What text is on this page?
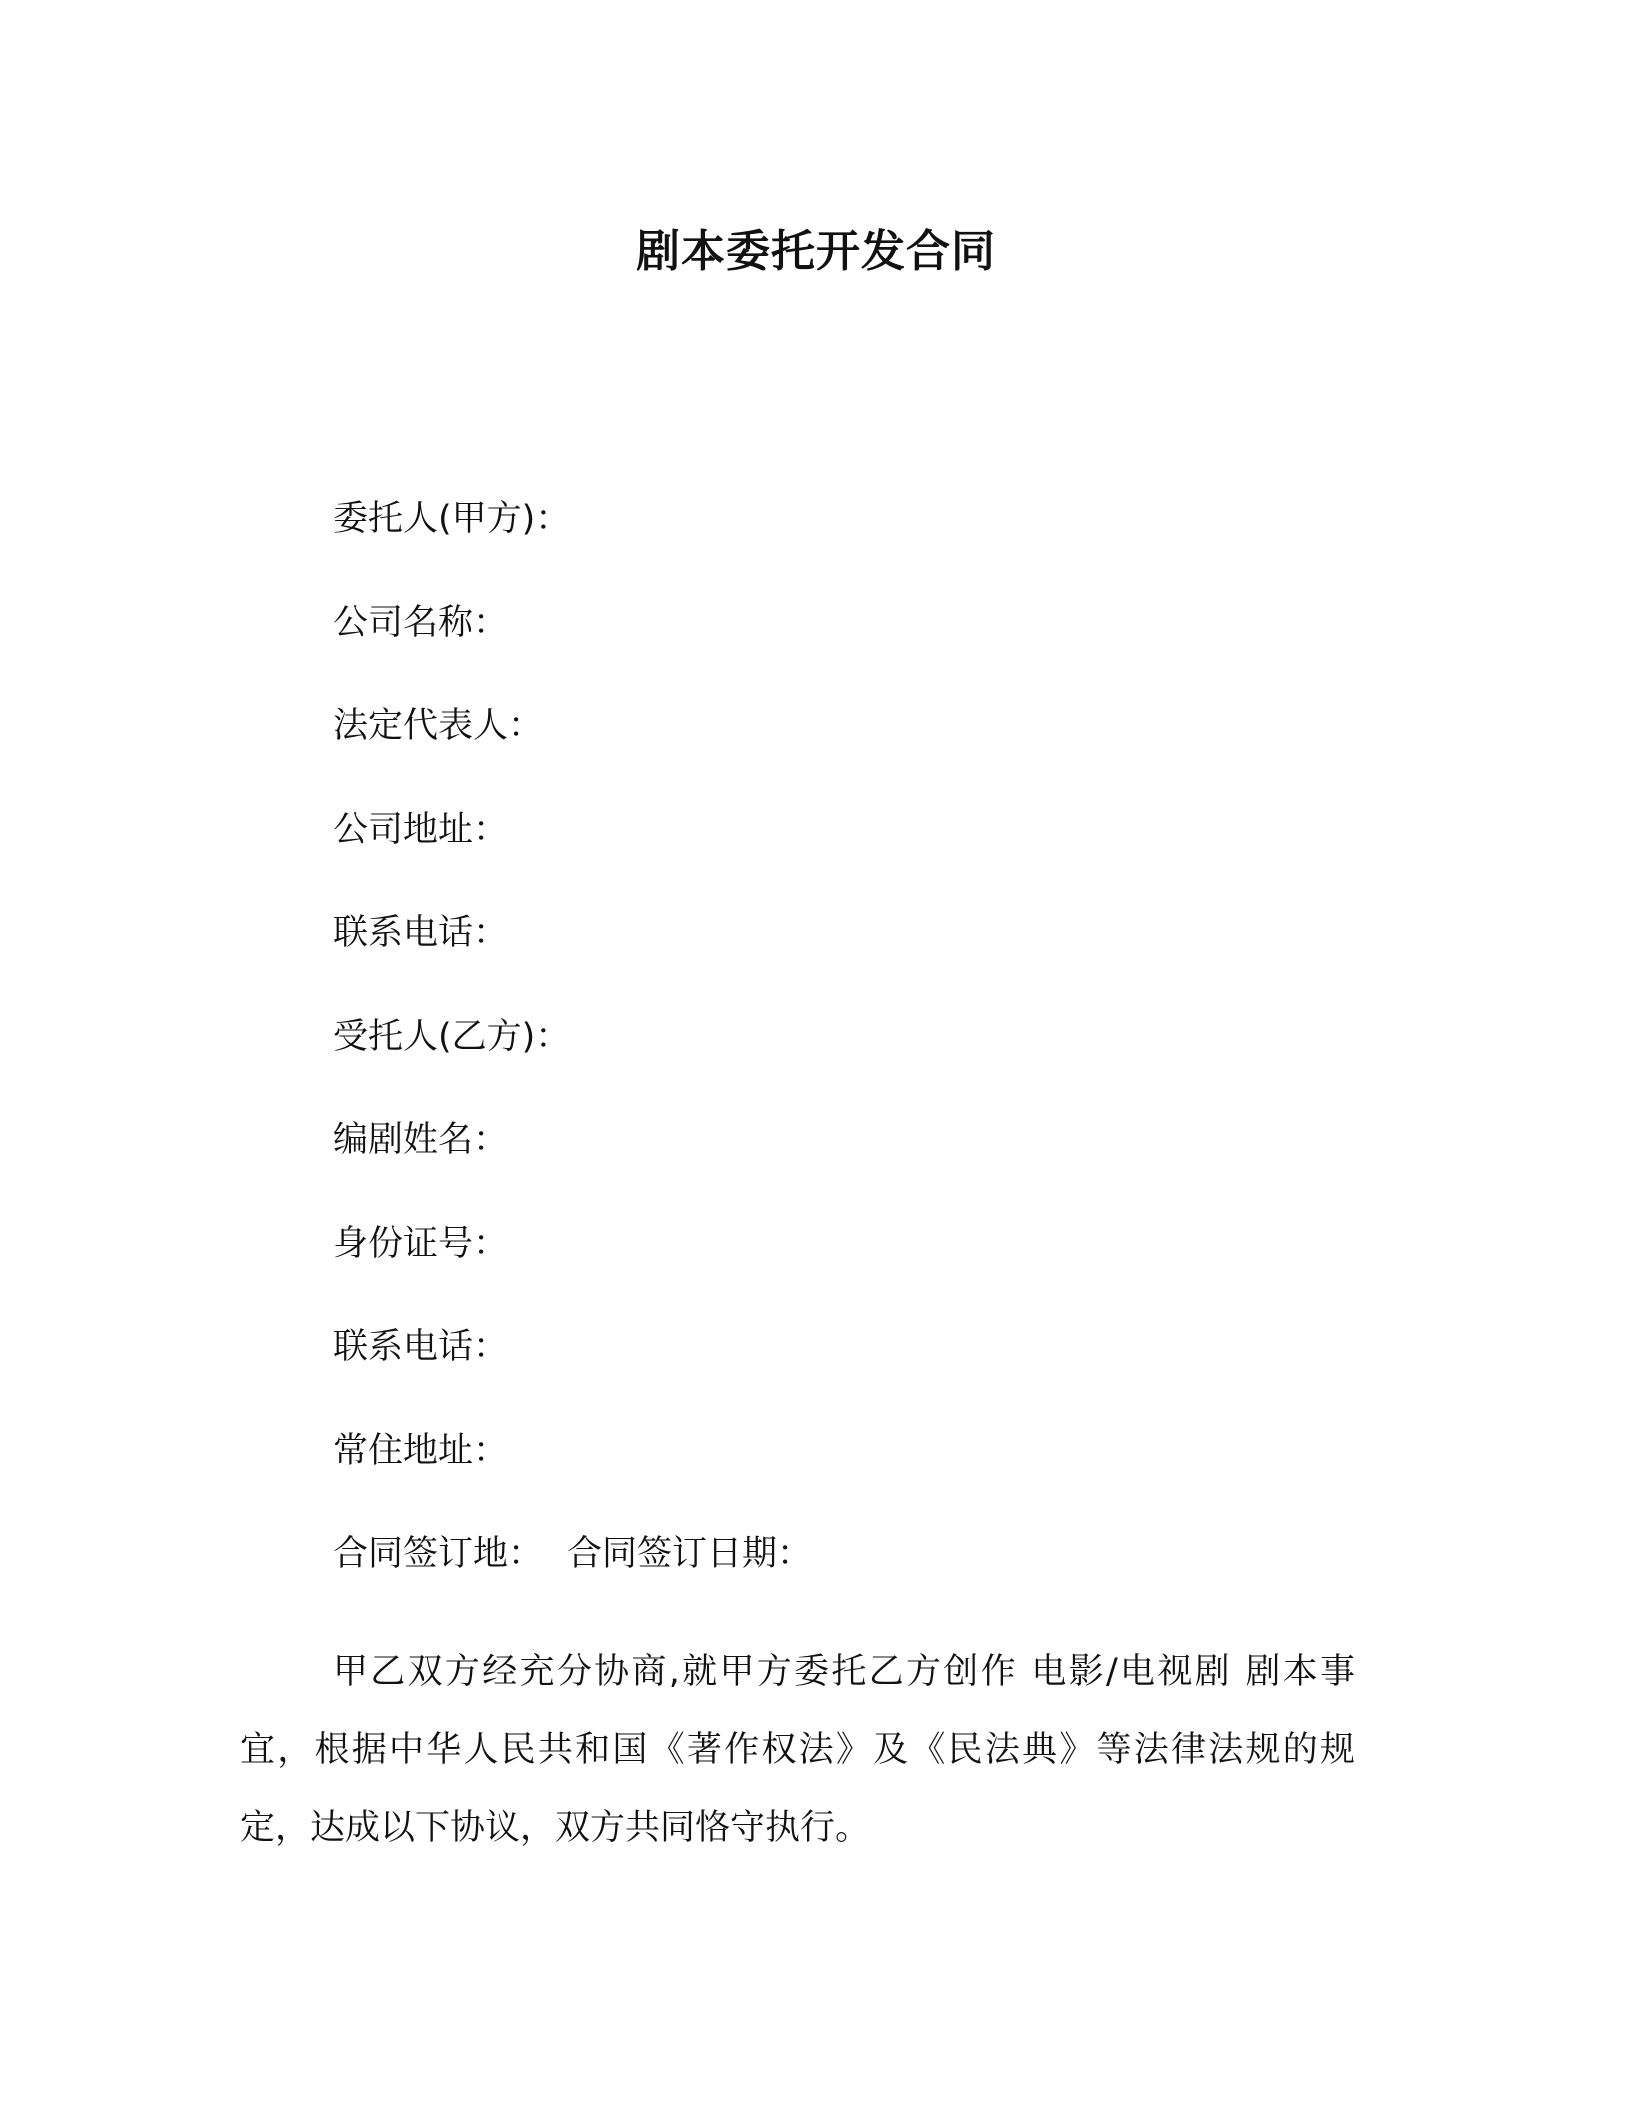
剧本委托开发合同
委托人(甲方)：
公司名称：
法定代表人：
公司地址：
联系电话：
受托人(乙方)：
编剧姓名：
身份证号：
联系电话：
常住地址：
合同签订地： 合同签订日期：
甲乙双方经充分协商,就甲方委托乙方创作 电影/电视剧 剧本事宜，根据中华人民共和国《著作权法》及《民法典》等法律法规的规定，达成以下协议，双方共同恪守执行。
